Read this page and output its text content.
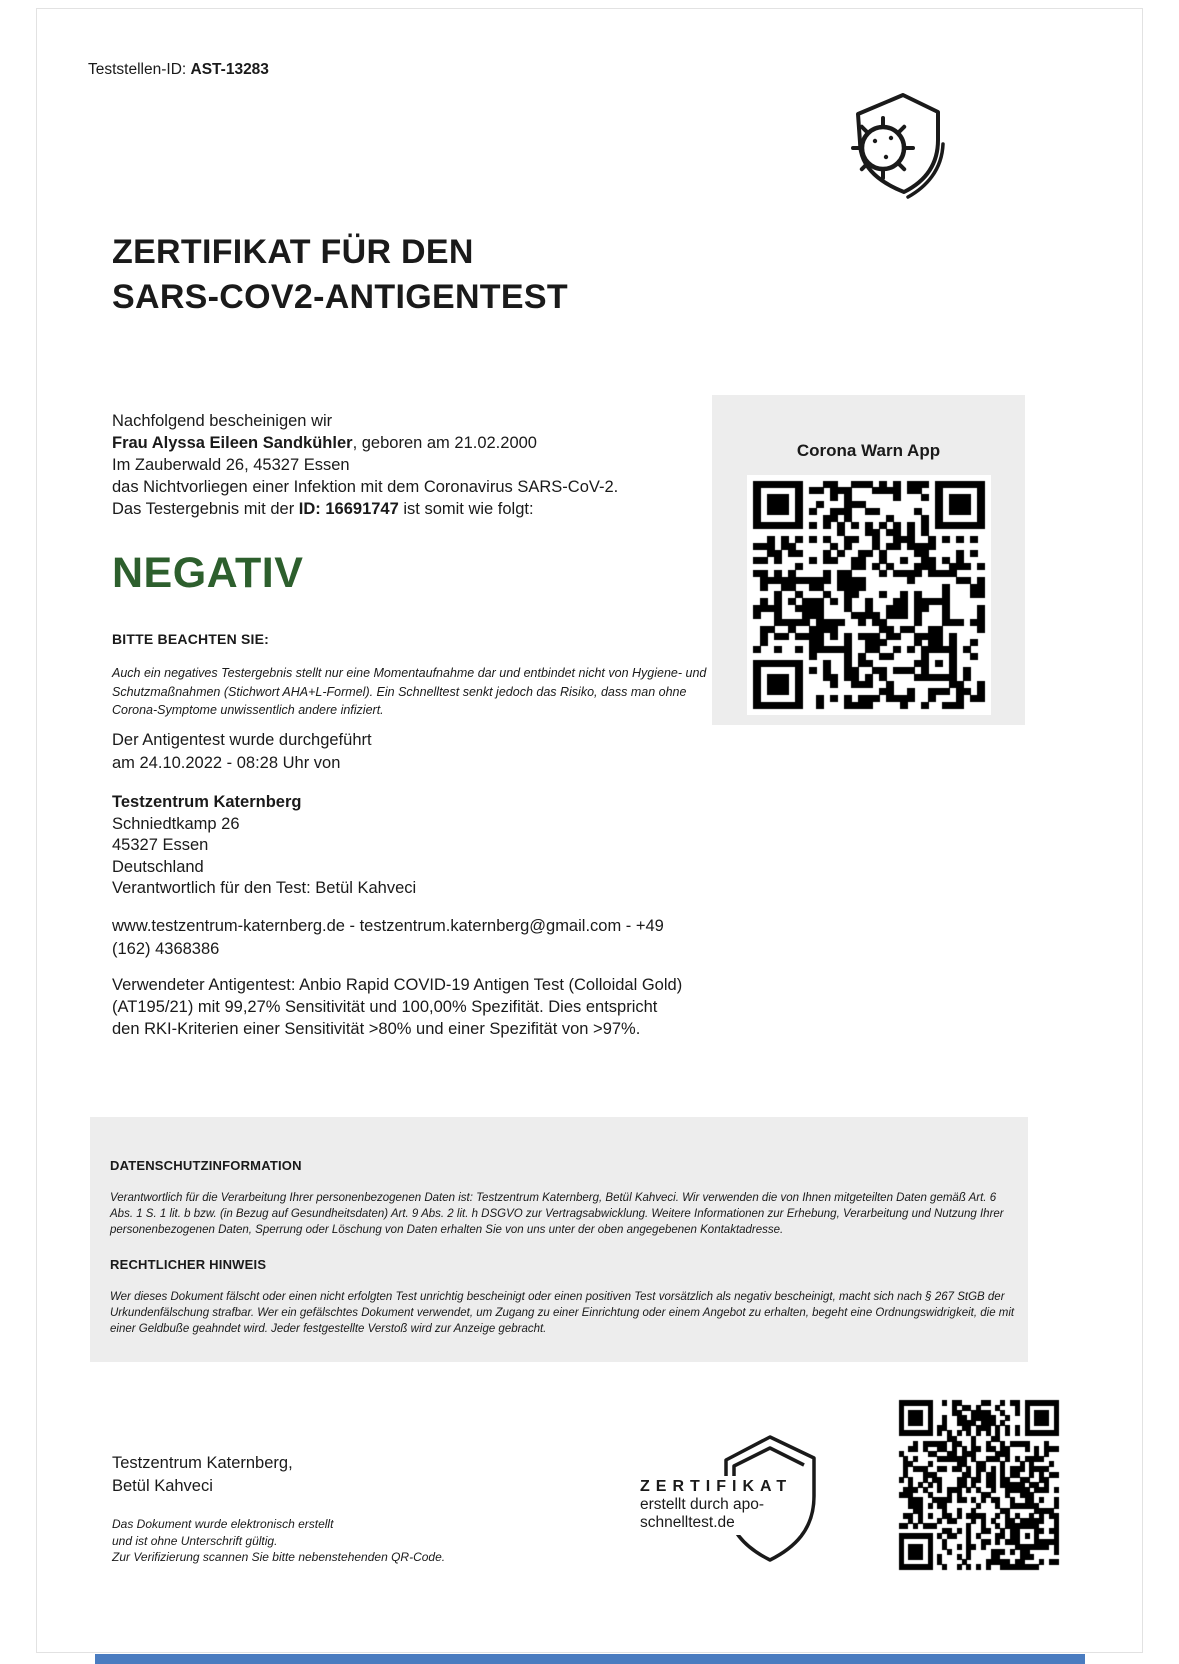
Teststellen-ID: AST-13283
ZERTIFIKAT FÜR DEN
SARS-COV2-ANTIGENTEST
Nachfolgend bescheinigen wir
Frau Alyssa Eileen Sandkühler, geboren am 21.02.2000
Im Zauberwald 26, 45327 Essen
das Nichtvorliegen einer Infektion mit dem Coronavirus SARS-CoV-2.
Das Testergebnis mit der ID: 16691747 ist somit wie folgt:
NEGATIV
BITTE BEACHTEN SIE:
Auch ein negatives Testergebnis stellt nur eine Momentaufnahme dar und entbindet nicht von Hygiene- und Schutzmaßnahmen (Stichwort AHA+L-Formel). Ein Schnelltest senkt jedoch das Risiko, dass man ohne Corona-Symptome unwissentlich andere infiziert.
Der Antigentest wurde durchgeführt
am 24.10.2022 - 08:28 Uhr von
Testzentrum Katernberg
Schniedtkamp 26
45327 Essen
Deutschland
Verantwortlich für den Test: Betül Kahveci
www.testzentrum-katernberg.de - testzentrum.katernberg@gmail.com - +49 (162) 4368386
Verwendeter Antigentest: Anbio Rapid COVID-19 Antigen Test (Colloidal Gold) (AT195/21) mit 99,27% Sensitivität und 100,00% Spezifität. Dies entspricht den RKI-Kriterien einer Sensitivität >80% und einer Spezifität von >97%.
Corona Warn App
DATENSCHUTZINFORMATION
Verantwortlich für die Verarbeitung Ihrer personenbezogenen Daten ist: Testzentrum Katernberg, Betül Kahveci. Wir verwenden die von Ihnen mitgeteilten Daten gemäß Art. 6 Abs. 1 S. 1 lit. b bzw. (in Bezug auf Gesundheitsdaten) Art. 9 Abs. 2 lit. h DSGVO zur Vertragsabwicklung. Weitere Informationen zur Erhebung, Verarbeitung und Nutzung Ihrer personenbezogenen Daten, Sperrung oder Löschung von Daten erhalten Sie von uns unter der oben angegebenen Kontaktadresse.
RECHTLICHER HINWEIS
Wer dieses Dokument fälscht oder einen nicht erfolgten Test unrichtig bescheinigt oder einen positiven Test vorsätzlich als negativ bescheinigt, macht sich nach § 267 StGB der Urkundenfälschung strafbar. Wer ein gefälschtes Dokument verwendet, um Zugang zu einer Einrichtung oder einem Angebot zu erhalten, begeht eine Ordnungswidrigkeit, die mit einer Geldbuße geahndet wird. Jeder festgestellte Verstoß wird zur Anzeige gebracht.
Testzentrum Katernberg,
Betül Kahveci
Das Dokument wurde elektronisch erstellt
und ist ohne Unterschrift gültig.
Zur Verifizierung scannen Sie bitte nebenstehenden QR-Code.
ZERTIFIKAT
erstellt durch apo-
schnelltest.de
